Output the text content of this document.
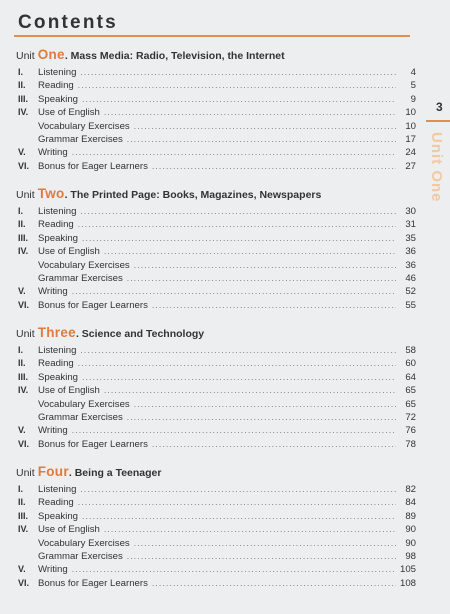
Contents
3
Unit One
Unit One. Mass Media: Radio, Television, the Internet
I.	Listening . . .	4
II.	Reading . . .	5
III.	Speaking . . .	9
IV.	Use of English . . .	10
Vocabulary Exercises . . .	10
Grammar Exercises . . .	17
V.	Writing . . .	24
VI. Bonus for Eager Learners . . .	27
Unit Two. The Printed Page: Books, Magazines, Newspapers
I.	Listening . . .	30
II.	Reading . . .	31
III.	Speaking . . .	35
IV.	Use of English . . .	36
Vocabulary Exercises . . .	36
Grammar Exercises . . .	46
V.	Writing . . .	52
VI. Bonus for Eager Learners . . .	55
Unit Three. Science and Technology
I.	Listening . . .	58
II.	Reading . . .	60
III.	Speaking . . .	64
IV.	Use of English . . .	65
Vocabulary Exercises . . .	65
Grammar Exercises . . .	72
V.	Writing . . .	76
VI. Bonus for Eager Learners . . .	78
Unit Four. Being a Teenager
I.	Listening . . .	82
II.	Reading . . .	84
III.	Speaking . . .	89
IV.	Use of English . . .	90
Vocabulary Exercises . . .	90
Grammar Exercises . . .	98
V.	Writing . . .	105
VI. Bonus for Eager Learners . . .	108
